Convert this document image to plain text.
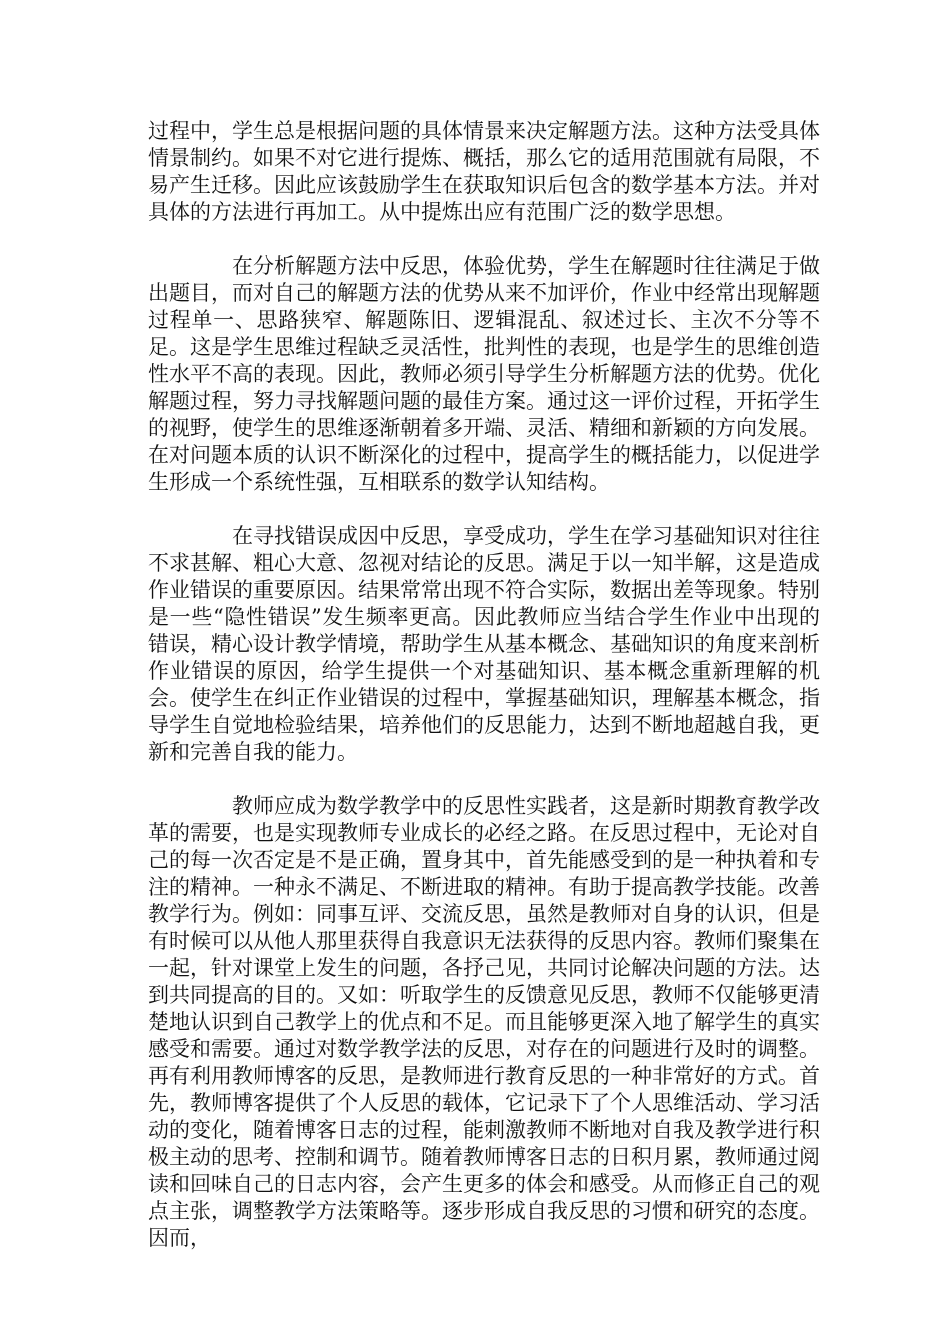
过程中，学生总是根据问题的具体情景来决定解题方法。这种方法受具体情景制约。如果不对它进行提炼、概括，那么它的适用范围就有局限，不易产生迁移。因此应该鼓励学生在获取知识后包含的数学基本方法。并对具体的方法进行再加工。从中提炼出应有范围广泛的数学思想。

在分析解题方法中反思，体验优势，学生在解题时往往满足于做出题目，而对自己的解题方法的优势从来不加评价，作业中经常出现解题过程单一、思路狭窄、解题陈旧、逻辑混乱、叙述过长、主次不分等不足。这是学生思维过程缺乏灵活性，批判性的表现，也是学生的思维创造性水平不高的表现。因此，教师必须引导学生分析解题方法的优势。优化解题过程，努力寻找解题问题的最佳方案。通过这一评价过程，开拓学生的视野，使学生的思维逐渐朝着多开端、灵活、精细和新颖的方向发展。在对问题本质的认识不断深化的过程中，提高学生的概括能力，以促进学生形成一个系统性强，互相联系的数学认知结构。

在寻找错误成因中反思，享受成功，学生在学习基础知识对往往不求甚解、粗心大意、忽视对结论的反思。满足于以一知半解，这是造成作业错误的重要原因。结果常常出现不符合实际，数据出差等现象。特别是一些“隐性错误”发生频率更高。因此教师应当结合学生作业中出现的错误，精心设计教学情境，帮助学生从基本概念、基础知识的角度来剖析作业错误的原因，给学生提供一个对基础知识、基本概念重新理解的机会。使学生在纠正作业错误的过程中，掌握基础知识，理解基本概念，指导学生自觉地检验结果，培养他们的反思能力，达到不断地超越自我，更新和完善自我的能力。

教师应成为数学教学中的反思性实践者，这是新时期教育教学改革的需要，也是实现教师专业成长的必经之路。在反思过程中，无论对自己的每一次否定是不是正确，置身其中，首先能感受到的是一种执着和专注的精神。一种永不满足、不断进取的精神。有助于提高教学技能。改善教学行为。例如：同事互评、交流反思，虽然是教师对自身的认识，但是有时候可以从他人那里获得自我意识无法获得的反思内容。教师们聚集在一起，针对课堂上发生的问题，各抒己见，共同讨论解决问题的方法。达到共同提高的目的。又如：听取学生的反馈意见反思，教师不仅能够更清楚地认识到自己教学上的优点和不足。而且能够更深入地了解学生的真实感受和需要。通过对数学教学法的反思，对存在的问题进行及时的调整。再有利用教师博客的反思，是教师进行教育反思的一种非常好的方式。首先，教师博客提供了个人反思的载体，它记录下了个人思维活动、学习活动的变化，随着博客日志的过程，能刺激教师不断地对自我及教学进行积极主动的思考、控制和调节。随着教师博客日志的日积月累，教师通过阅读和回味自己的日志内容，会产生更多的体会和感受。从而修正自己的观点主张，调整教学方法策略等。逐步形成自我反思的习惯和研究的态度。因而，
